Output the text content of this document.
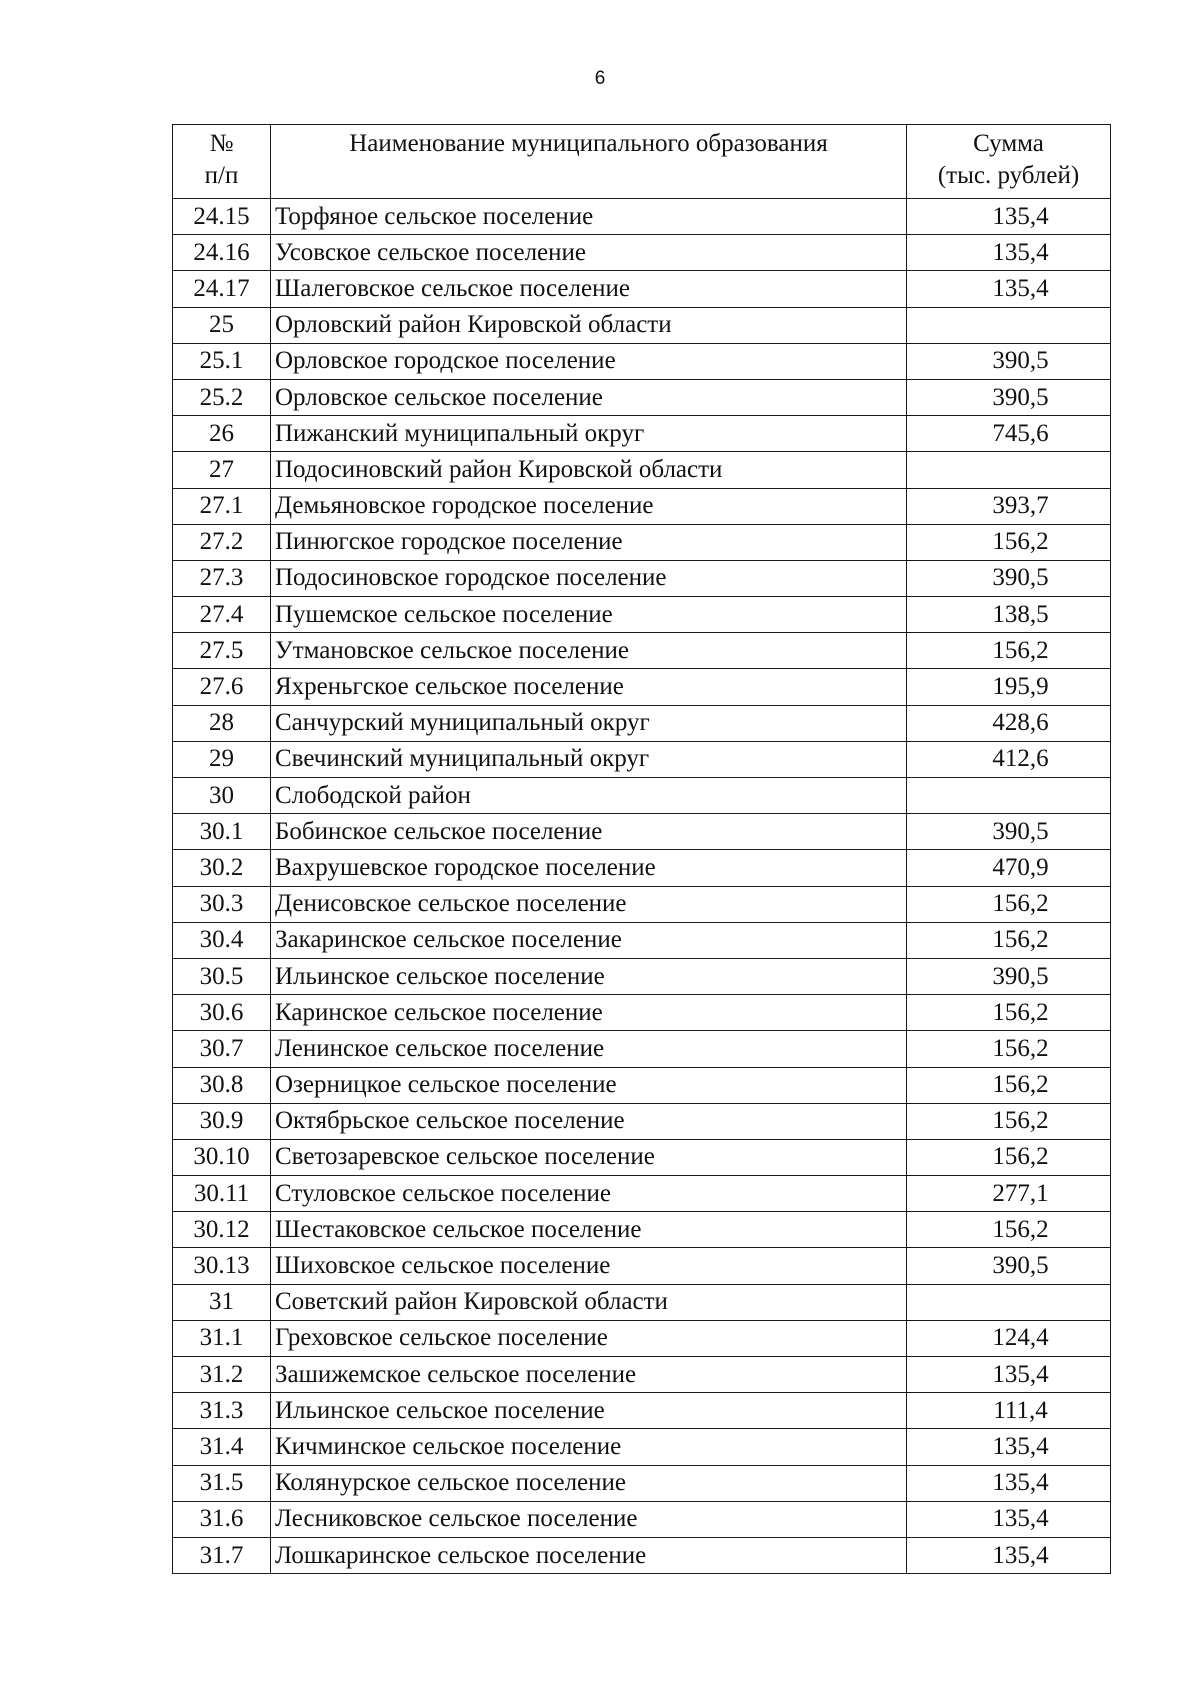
6
№
п/п	Наименование муниципального образования	Сумма
(тыс. рублей)

24.15	Торфяное сельское поселение	135,4
24.16	Усовское сельское поселение	135,4
24.17	Шалеговское сельское поселение	135,4
25	Орловский район Кировской области	
25.1	Орловское городское поселение	390,5
25.2	Орловское сельское поселение	390,5
26	Пижанский муниципальный округ	745,6
27	Подосиновский район Кировской области	
27.1	Демьяновское городское поселение	393,7
27.2	Пинюгское городское поселение	156,2
27.3	Подосиновское городское поселение	390,5
27.4	Пушемское сельское поселение	138,5
27.5	Утмановское сельское поселение	156,2
27.6	Яхреньгское сельское поселение	195,9
28	Санчурский муниципальный округ	428,6
29	Свечинский муниципальный округ	412,6
30	Слободской район	
30.1	Бобинское сельское поселение	390,5
30.2	Вахрушевское городское поселение	470,9
30.3	Денисовское сельское поселение	156,2
30.4	Закаринское сельское поселение	156,2
30.5	Ильинское сельское поселение	390,5
30.6	Каринское сельское поселение	156,2
30.7	Ленинское сельское поселение	156,2
30.8	Озерницкое сельское поселение	156,2
30.9	Октябрьское сельское поселение	156,2
30.10	Светозаревское сельское поселение	156,2
30.11	Стуловское сельское поселение	277,1
30.12	Шестаковское сельское поселение	156,2
30.13	Шиховское сельское поселение	390,5
31	Советский район Кировской области	
31.1	Греховское сельское поселение	124,4
31.2	Зашижемское сельское поселение	135,4
31.3	Ильинское сельское поселение	111,4
31.4	Кичминское сельское поселение	135,4
31.5	Колянурское сельское поселение	135,4
31.6	Лесниковское сельское поселение	135,4
31.7	Лошкаринское сельское поселение	135,4
